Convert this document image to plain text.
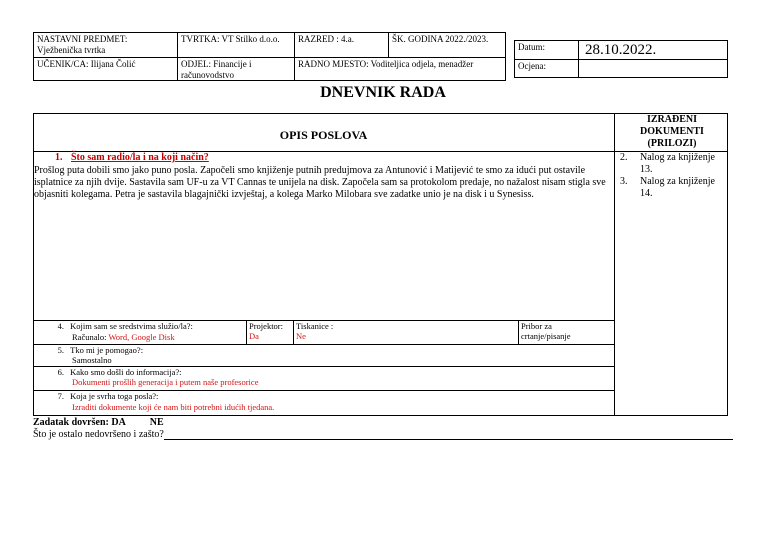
NASTAVNI PREDMET:
Vježbenička tvrtka
TVRTKA: VT Stilko d.o.o.	RAZRED : 4.a.	ŠK. GODINA 2022./2023.
UČENIK/CA: Ilijana Čolić	ODJEL: Financije i računovodstvo
RADNO MJESTO: Voditeljica odjela, menadžer
Datum:	28.10.2022.
Ocjena:
DNEVNIK RADA
OPIS POSLOVA
IZRAĐENI DOKUMENTI (PRILOZI)
1. Što sam radio/la i na koji način?
Prošlog puta dobili smo jako puno posla. Započeli smo knjiženje putnih predujmova za Antunović i Matijević te smo za idući put ostavile isplatnice za njih dvije. Sastavila sam UF-u za VT Cannas te unijela na disk. Započela sam sa protokolom predaje, no nažalost nisam stigla sve objasniti kolegama. Petra je sastavila blagajnički izvještaj, a kolega Marko Milobara sve zadatke unio je na disk i u Synesiss.
2.	Nalog za knjiženje 13.
3.	Nalog za knjiženje 14.
4. Kojim sam se sredstvima služio/la?:
Računalo: Word, Google Disk
Projektor:
Da
Tiskanice :
Ne
Pribor za crtanje/pisanje
5. Tko mi je pomogao?:
Samostalno
6. Kako smo došli do informacija?:
Dokumenti prošlih generacija i putem naše profesorice
7. Koja je svrha toga posla?:
Izraditi dokumente koji će nam biti potrebni idućih tjedana.
Zadatak dovršen: DA NE
Što je ostalo nedovršeno i zašto?
